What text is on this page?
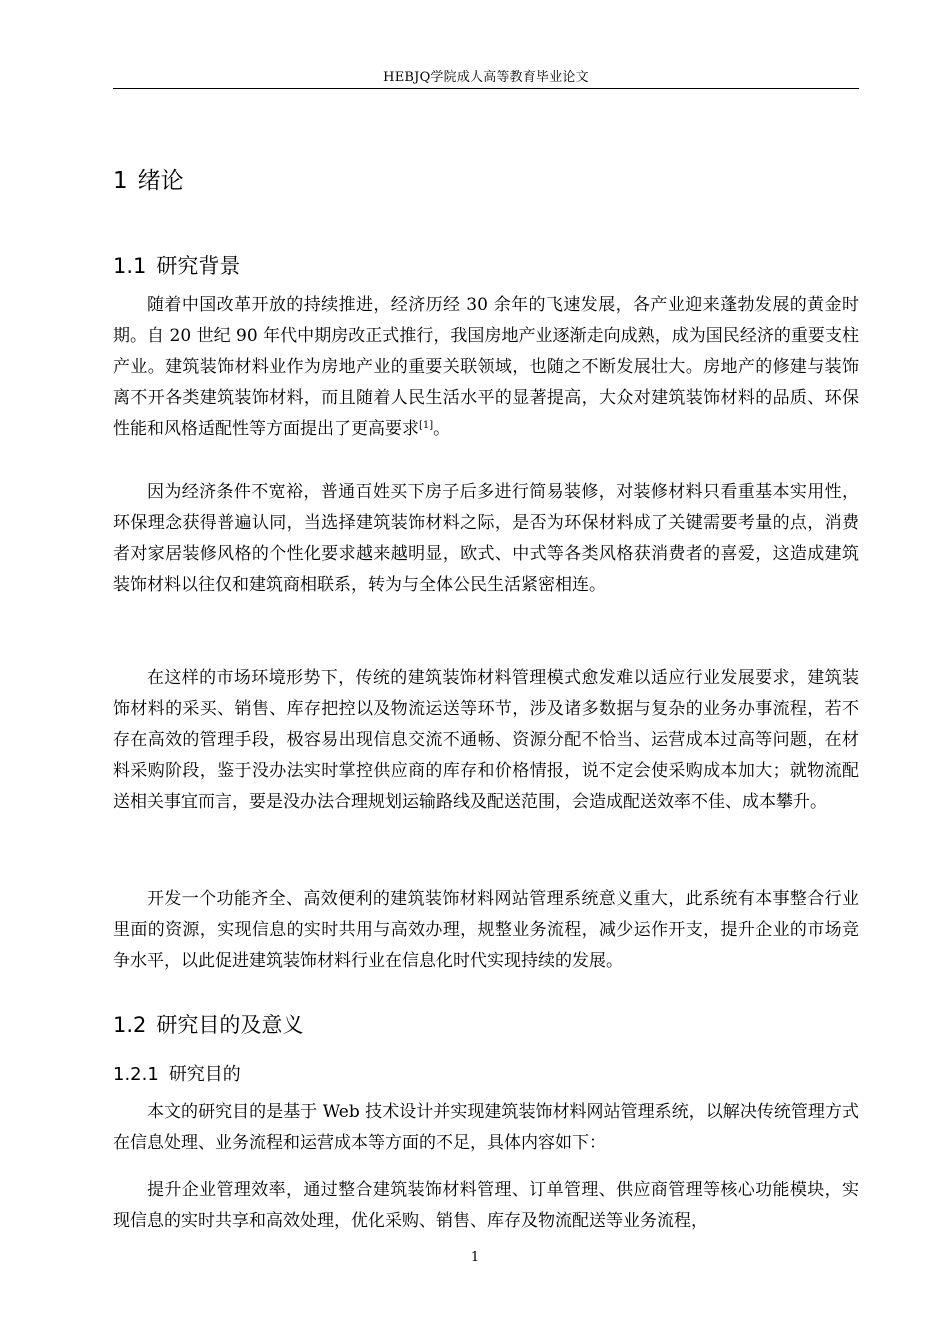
HEBJQ学院成人高等教育毕业论文
1 绪论
1.1 研究背景

随着中国改革开放的持续推进，经济历经 30 余年的飞速发展，各产业迎来蓬勃发展的黄金时期。自 20 世纪 90 年代中期房改正式推行，我国房地产业逐渐走向成熟，成为国民经济的重要支柱产业。建筑装饰材料业作为房地产业的重要关联领域，也随之不断发展壮大。房地产的修建与装饰离不开各类建筑装饰材料，而且随着人民生活水平的显著提高，大众对建筑装饰材料的品质、环保性能和风格适配性等方面提出了更高要求[1]。

因为经济条件不宽裕，普通百姓买下房子后多进行简易装修，对装修材料只看重基本实用性，环保理念获得普遍认同，当选择建筑装饰材料之际，是否为环保材料成了关键需要考量的点，消费者对家居装修风格的个性化要求越来越明显，欧式、中式等各类风格获消费者的喜爱，这造成建筑装饰材料以往仅和建筑商相联系，转为与全体公民生活紧密相连。

在这样的市场环境形势下，传统的建筑装饰材料管理模式愈发难以适应行业发展要求，建筑装饰材料的采买、销售、库存把控以及物流运送等环节，涉及诸多数据与复杂的业务办事流程，若不存在高效的管理手段，极容易出现信息交流不通畅、资源分配不恰当、运营成本过高等问题，在材料采购阶段，鉴于没办法实时掌控供应商的库存和价格情报，说不定会使采购成本加大；就物流配送相关事宜而言，要是没办法合理规划运输路线及配送范围，会造成配送效率不佳、成本攀升。

开发一个功能齐全、高效便利的建筑装饰材料网站管理系统意义重大，此系统有本事整合行业里面的资源，实现信息的实时共用与高效办理，规整业务流程，减少运作开支，提升企业的市场竞争水平，以此促进建筑装饰材料行业在信息化时代实现持续的发展。

1.2 研究目的及意义
1.2.1 研究目的

本文的研究目的是基于 Web 技术设计并实现建筑装饰材料网站管理系统，以解决传统管理方式在信息处理、业务流程和运营成本等方面的不足，具体内容如下：

提升企业管理效率，通过整合建筑装饰材料管理、订单管理、供应商管理等核心功能模块，实现信息的实时共享和高效处理，优化采购、销售、库存及物流配送等业务流程，

1
